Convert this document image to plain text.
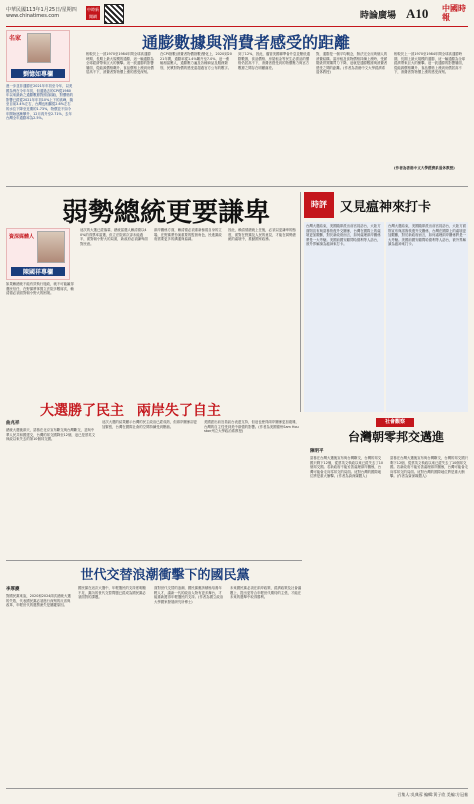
中華民國113年1月25日/星期四
www.chinatimes.com
中時新聞網	時論廣場 A10 中國時報
通膨數據與消費者感受的距離
名家
劉憶如專欄
進一步並非通膨在2021年年初至今年，以美國為例在今年年初，但通過去的CPI從1980年以來最新之通膨數據對照(如圖)，對價格的影響已經從2021年年初10%上下的高峰，隨至目前3.4%左右，台灣也相繼從2.6%左右的水位下降至近期的1.73%，物價並不如今年開始逐漸攀升，12月再升至2.71%，去年台灣全年通膨率為2.5%。
相較於上一波1970至1984年間全球高通膨時期，長期上最大規模的通膨，這一輪通膨為全球經濟帶來巨大的衝擊。這一波通膨的影響層面，從能源價格飆升、食品價格上漲到房價居高不下，消費者對物價上漲的感受深刻。
在CPI指數(消費者物價指數)變化上，2020到2021年間，通膨率從1.4%飆升至7.0%，這一漲幅相當驚人，通膨壓力遍及各種商品及服務類別，民眾對物價的感受遠超過官方公布的數字。
到了12%，因此，儘管美國聯準會升息並壓低通膨數據，食品價格、房屋租金等民生必需品的價格仍居高不下，消費者感受到的物價壓力與官方數據之間存在明顯落差。
對，通膨是一個平均概念，無法完全反映個人的消費結構。當房租及食物價格持續上漲時，受薪階級實質購買力下降，這就是通膨數據與消費者感受之間的距離。(作者為香港中文大學經濟系退休教授)
相較於上一波1970至1984年間全球高通膨時期，長期上最大規模的通膨，這一輪通膨為全球經濟帶來巨大的衝擊。這一波通膨的影響層面，從能源價格飆升、食品價格上漲到房價居高不下，消費者對物價上漲的感受深刻。
(作者為香港中文大學經濟系退休教授)
弱勢總統更要謙卑
資深媒體人
陳國祥專欄
如果賴總統不能有效執行施政，就不可能贏得選民信任，在野黨將掌握立法院多數席次，賴清德必須面對朝小野大的困境。
這次的大選已經落幕，總統當選人賴清德以40%的得票率當選，但立法院席次卻未能過半，面對朝小野大的局面，新政府必須謙卑面對民意。
兩岸關係方面，賴清德必須重新檢視自身的立場，在野黨將扮演重要的監督角色，民進黨政府需要更多的溝通與協調。
因此，賴清德總統上任後，必須以更謙卑的態度，面對在野黨及人民的意見，才能在弱勢總統的處境中，推動國家政務。
時評	又見瘟神來打卡
台灣大選結束，美國隨即派出前官員訪台，大陸方面則宣布與諾魯恢復外交關係，台灣在國際上的處境更加艱難，對於新政府而言，如何處理兩岸關係將是一大考驗。美國前國安顧問哈德利等人訪台，被外界解讀為瘟神來打卡。
台灣大選結束，美國隨即派出前官員訪台，大陸方面則宣布與諾魯恢復外交關係，台灣在國際上的處境更加艱難，對於新政府而言，如何處理兩岸關係將是一大考驗。美國前國安顧問哈德利等人訪台，被外界解讀為瘟神來打卡。
大選勝了民主 兩岸失了自主
曲兆祥
總統大選後兩天，諾魯在北京宣布斷交與台灣斷交，並與中華人民共和國建交，台灣的邦交國降至12個，這已是蔡英文執政以來失去的第10個邦交國。
這次大選的結果顯示台灣的民主政治已經成熟，但兩岸關係卻更加緊張，台灣在國際社會的空間持續受到壓縮。
美國派出前官員訪台表達支持，但這也使得兩岸關係更加複雜，台灣的自主性受到美中兩強的影響。(作者為美國德州Sam Houston州立大學政治系教授)
社會觀察
台灣朝零邦交邁進
陳明平
諾魯在台灣大選後宣布與台灣斷交，台灣的邦交國只剩下12個，從蔡英文執政以來已經失去了10個邦交國。若新政府不能妥善處理兩岸關係，台灣可能會走向零邦交的局面。這對台灣的國際地位將是重大衝擊。(作者為資深媒體人)
諾魯在台灣大選後宣布與台灣斷交，台灣的邦交國只剩下12個，從蔡英文執政以來已經失去了10個邦交國。若新政府不能妥善處理兩岸關係，台灣可能會走向零邦交的局面。這對台灣的國際地位將是重大衝擊。(作者為資深媒體人)
世代交替浪潮衝擊下的國民黨
李厚慶
對國民黨來說，2020和2024兩次總統大選的失敗，代表國民黨必須進行深刻的反省與改革，年輕世代的選票流失是關鍵原因。
國民黨在這次大選中，年輕選民的支持度明顯不足，黨內的世代交替問題已經成為國民黨必須面對的課題。
面對世代交替的浪潮，國民黨應該積極培養年輕人才，讓新一代的政治人物有更多舞台，才能重新獲得年輕選民的支持。(作者為國立政治大學國家發展研究所博士)
未來國民黨必須在兩岸政策、經濟政策及社會議題上，提出更符合年輕世代期待的主張，才能在未來的選舉中取得勝利。
召集人:吳典蓉 編輯:黃子欣 美編:方冠蓁
